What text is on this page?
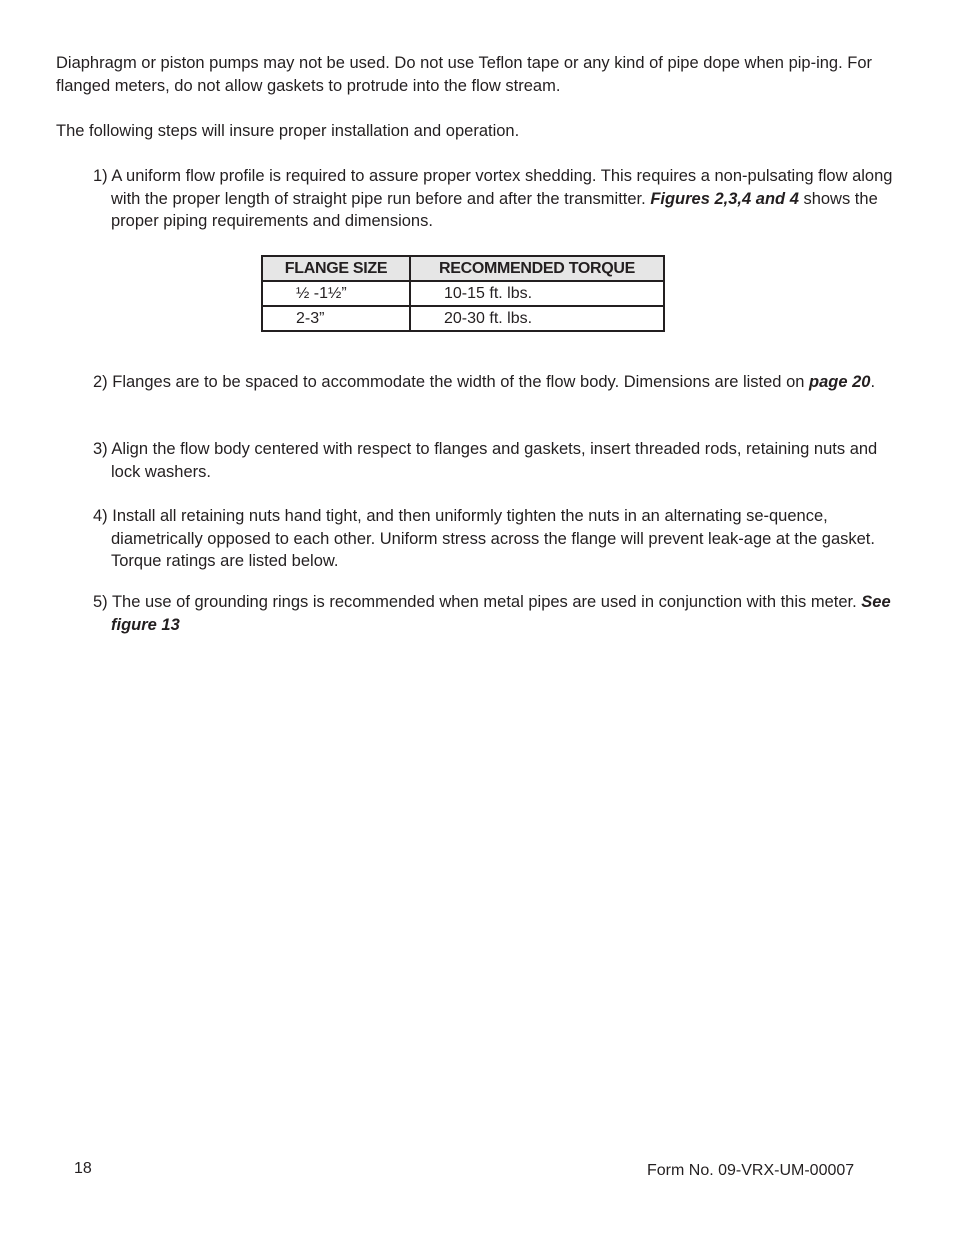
Diaphragm or piston pumps may not be used. Do not use Teflon tape or any kind of pipe dope when pip-ing. For flanged meters, do not allow gaskets to protrude into the flow stream.

The following steps will insure proper installation and operation.

1) A uniform flow profile is required to assure proper vortex shedding. This requires a non-pulsating flow along with the proper length of straight pipe run before and after the transmitter. Figures 2,3,4 and 4 shows the proper piping requirements and dimensions.

FLANGE SIZE	RECOMMENDED TORQUE
½ -1½”	10-15 ft. lbs.
2-3”	20-30 ft. lbs.

2) Flanges are to be spaced to accommodate the width of the flow body. Dimensions are listed on page 20.

3) Align the flow body centered with respect to flanges and gaskets, insert threaded rods, retaining nuts and lock washers.

4) Install all retaining nuts hand tight, and then uniformly tighten the nuts in an alternating se-quence, diametrically opposed to each other. Uniform stress across the flange will prevent leak-age at the gasket. Torque ratings are listed below.

5) The use of grounding rings is recommended when metal pipes are used in conjunction with this meter. See figure 13

18	Form No. 09-VRX-UM-00007
